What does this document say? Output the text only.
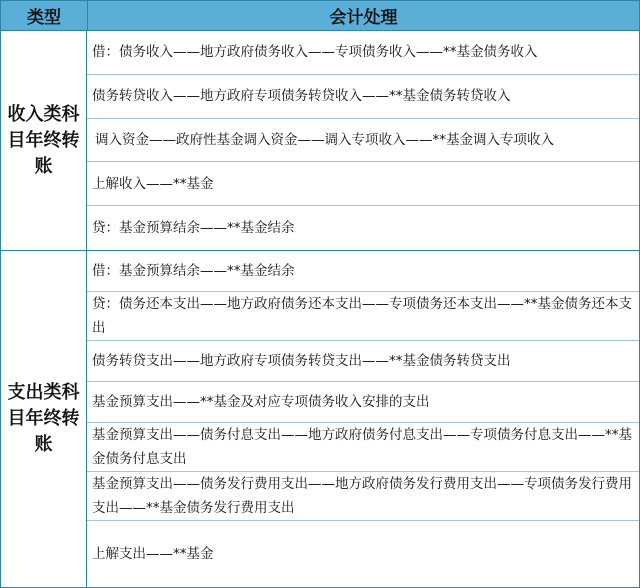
类型	会计处理
收入类科目年终转账
借：债务收入——地方政府债务收入——专项债务收入——**基金债务收入
债务转贷收入——地方政府专项债务转贷收入——**基金债务转贷收入
调入资金——政府性基金调入资金——调入专项收入——**基金调入专项收入
上解收入——**基金
贷：基金预算结余——**基金结余
支出类科目年终转账
借：基金预算结余——**基金结余
贷：债务还本支出——地方政府债务还本支出——专项债务还本支出——**基金债务还本支出
债务转贷支出——地方政府专项债务转贷支出——**基金债务转贷支出
基金预算支出——**基金及对应专项债务收入安排的支出
基金预算支出——债务付息支出——地方政府债务付息支出——专项债务付息支出——**基金债务付息支出
基金预算支出——债务发行费用支出——地方政府债务发行费用支出——专项债务发行费用支出——**基金债务发行费用支出
上解支出——**基金
